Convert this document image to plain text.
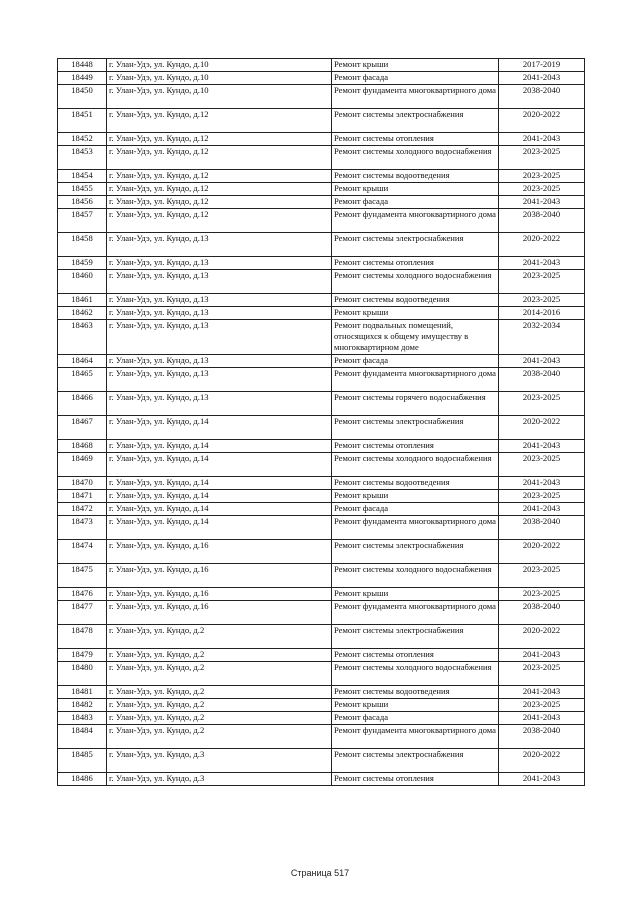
18448	г. Улан-Удэ, ул. Кундо, д.10	Ремонт крыши	2017-2019
18449	г. Улан-Удэ, ул. Кундо, д.10	Ремонт фасада	2041-2043
18450	г. Улан-Удэ, ул. Кундо, д.10	Ремонт фундамента многоквартирного дома	2038-2040
18451	г. Улан-Удэ, ул. Кундо, д.12	Ремонт системы электроснабжения	2020-2022
18452	г. Улан-Удэ, ул. Кундо, д.12	Ремонт системы отопления	2041-2043
18453	г. Улан-Удэ, ул. Кундо, д.12	Ремонт системы холодного водоснабжения	2023-2025
18454	г. Улан-Удэ, ул. Кундо, д.12	Ремонт системы водоотведения	2023-2025
18455	г. Улан-Удэ, ул. Кундо, д.12	Ремонт крыши	2023-2025
18456	г. Улан-Удэ, ул. Кундо, д.12	Ремонт фасада	2041-2043
18457	г. Улан-Удэ, ул. Кундо, д.12	Ремонт фундамента многоквартирного дома	2038-2040
18458	г. Улан-Удэ, ул. Кундо, д.13	Ремонт системы электроснабжения	2020-2022
18459	г. Улан-Удэ, ул. Кундо, д.13	Ремонт системы отопления	2041-2043
18460	г. Улан-Удэ, ул. Кундо, д.13	Ремонт системы холодного водоснабжения	2023-2025
18461	г. Улан-Удэ, ул. Кундо, д.13	Ремонт системы водоотведения	2023-2025
18462	г. Улан-Удэ, ул. Кундо, д.13	Ремонт крыши	2014-2016
18463	г. Улан-Удэ, ул. Кундо, д.13	Ремонт подвальных помещений, относящихся к общему имуществу в многоквартирном доме	2032-2034
18464	г. Улан-Удэ, ул. Кундо, д.13	Ремонт фасада	2041-2043
18465	г. Улан-Удэ, ул. Кундо, д.13	Ремонт фундамента многоквартирного дома	2038-2040
18466	г. Улан-Удэ, ул. Кундо, д.13	Ремонт системы горячего водоснабжения	2023-2025
18467	г. Улан-Удэ, ул. Кундо, д.14	Ремонт системы электроснабжения	2020-2022
18468	г. Улан-Удэ, ул. Кундо, д.14	Ремонт системы отопления	2041-2043
18469	г. Улан-Удэ, ул. Кундо, д.14	Ремонт системы холодного водоснабжения	2023-2025
18470	г. Улан-Удэ, ул. Кундо, д.14	Ремонт системы водоотведения	2041-2043
18471	г. Улан-Удэ, ул. Кундо, д.14	Ремонт крыши	2023-2025
18472	г. Улан-Удэ, ул. Кундо, д.14	Ремонт фасада	2041-2043
18473	г. Улан-Удэ, ул. Кундо, д.14	Ремонт фундамента многоквартирного дома	2038-2040
18474	г. Улан-Удэ, ул. Кундо, д.16	Ремонт системы электроснабжения	2020-2022
18475	г. Улан-Удэ, ул. Кундо, д.16	Ремонт системы холодного водоснабжения	2023-2025
18476	г. Улан-Удэ, ул. Кундо, д.16	Ремонт крыши	2023-2025
18477	г. Улан-Удэ, ул. Кундо, д.16	Ремонт фундамента многоквартирного дома	2038-2040
18478	г. Улан-Удэ, ул. Кундо, д.2	Ремонт системы электроснабжения	2020-2022
18479	г. Улан-Удэ, ул. Кундо, д.2	Ремонт системы отопления	2041-2043
18480	г. Улан-Удэ, ул. Кундо, д.2	Ремонт системы холодного водоснабжения	2023-2025
18481	г. Улан-Удэ, ул. Кундо, д.2	Ремонт системы водоотведения	2041-2043
18482	г. Улан-Удэ, ул. Кундо, д.2	Ремонт крыши	2023-2025
18483	г. Улан-Удэ, ул. Кундо, д.2	Ремонт фасада	2041-2043
18484	г. Улан-Удэ, ул. Кундо, д.2	Ремонт фундамента многоквартирного дома	2038-2040
18485	г. Улан-Удэ, ул. Кундо, д.3	Ремонт системы электроснабжения	2020-2022
18486	г. Улан-Удэ, ул. Кундо, д.3	Ремонт системы отопления	2041-2043
Страница 517
